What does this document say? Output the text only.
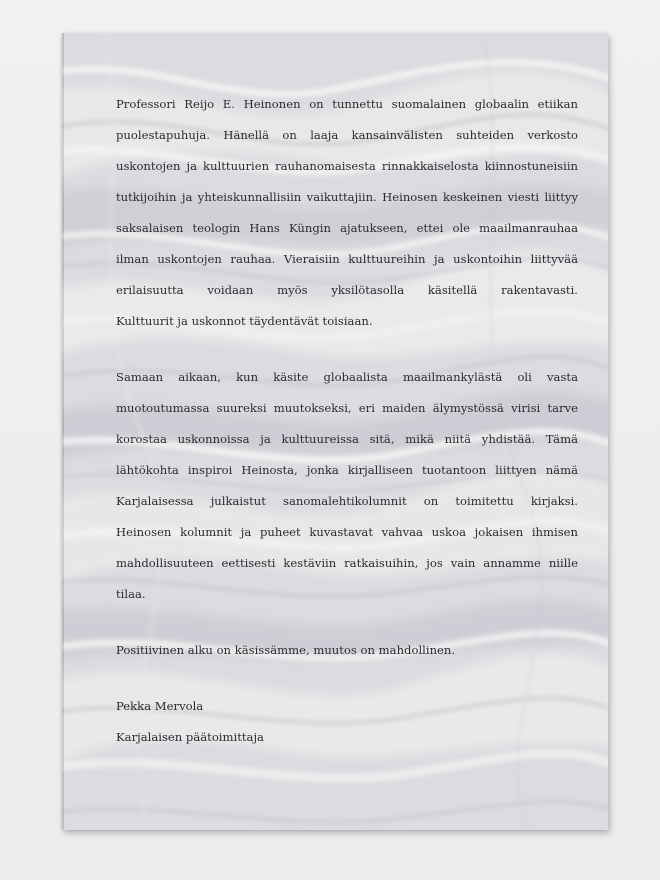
Professori Reijo E. Heinonen on tunnettu suomalainen globaalin etiikan
puolestapuhuja. Hänellä on laaja kansainvälisten suhteiden verkosto
uskontojen ja kulttuurien rauhanomaisesta rinnakkaiselosta kiinnostuneisiin
tutkijoihin ja yhteiskunnallisiin vaikuttajiin. Heinosen keskeinen viesti liittyy
saksalaisen teologin Hans Küngin ajatukseen, ettei ole maailmanrauhaa
ilman uskontojen rauhaa. Vieraisiin kulttuureihin ja uskontoihin liittyvää
erilaisuutta voidaan myös yksilötasolla käsitellä rakentavasti.
Kulttuurit ja uskonnot täydentävät toisiaan.
Samaan aikaan, kun käsite globaalista maailmankylästä oli vasta
muotoutumassa suureksi muutokseksi, eri maiden älymystössä virisi tarve
korostaa uskonnoissa ja kulttuureissa sitä, mikä niitä yhdistää. Tämä
lähtökohta inspiroi Heinosta, jonka kirjalliseen tuotantoon liittyen nämä
Karjalaisessa julkaistut sanomalehtikolumnit on toimitettu kirjaksi.
Heinosen kolumnit ja puheet kuvastavat vahvaa uskoa jokaisen ihmisen
mahdollisuuteen eettisesti kestäviin ratkaisuihin, jos vain annamme niille
tilaa.
Positiivinen alku on käsissämme, muutos on mahdollinen.
Pekka Mervola
Karjalaisen päätoimittaja
